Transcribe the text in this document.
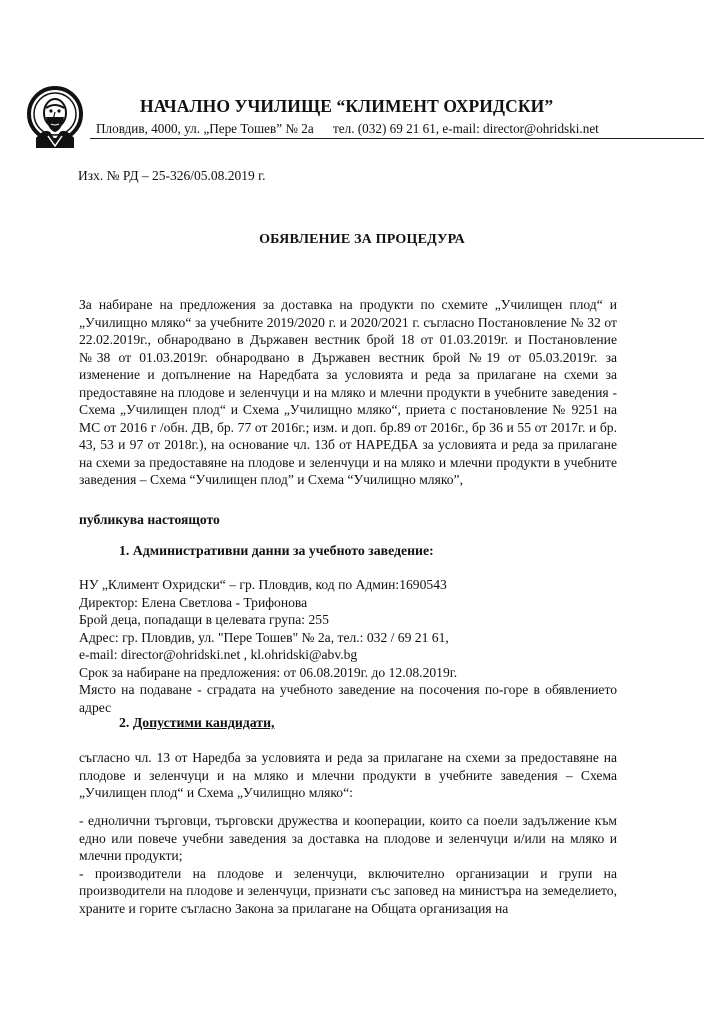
НАЧАЛНО УЧИЛИЩЕ “КЛИМЕНТ ОХРИДСКИ”
Пловдив, 4000, ул. „Пере Тошев” № 2а тел. (032) 69 21 61, e-mail: director@ohridski.net
Изх. № РД – 25-326/05.08.2019 г.
ОБЯВЛЕНИЕ ЗА ПРОЦЕДУРА
За набиране на предложения за доставка на продукти по схемите „Училищен плод“ и „Училищно мляко“ за учебните 2019/2020 г. и 2020/2021 г. съгласно Постановление № 32 от 22.02.2019г., обнародвано в Държавен вестник брой 18 от 01.03.2019г. и Постановление №38 от 01.03.2019г. обнародвано в Държавен вестник брой №19 от 05.03.2019г. за изменение и допълнение на Наредбата за условията и реда за прилагане на схеми за предоставяне на плодове и зеленчуци и на мляко и млечни продукти в учебните заведения - Схема „Училищен плод“ и Схема „Училищно мляко“, приета с постановление № 9251 на МС от 2016 г /обн. ДВ, бр. 77 от 2016г.; изм. и доп. бр.89 от 2016г., бр 36 и 55 от 2017г. и бр. 43, 53 и 97 от 2018г.), на основание чл. 13б от НАРЕДБА за условията и реда за прилагане на схеми за предоставяне на плодове и зеленчуци и на мляко и млечни продукти в учебните заведения – Схема “Училищен плод” и Схема “Училищно мляко”,
публикува настоящото
1. Административни данни за учебното заведение:
НУ „Климент Охридски“ – гр. Пловдив, код по Админ:1690543
Директор: Елена Светлова - Трифонова
Брой деца, попадащи в целевата група: 255
Адрес: гр. Пловдив, ул. "Пере Тошев" № 2а, тел.: 032 / 69 21 61,
e-mail: director@ohridski.net , kl.ohridski@abv.bg
Срок за набиране на предложения: от 06.08.2019г. до 12.08.2019г.
Място на подаване - сградата на учебното заведение на посочения по-горе в обявлението адрес
2. Допустими кандидати,
съгласно чл. 13 от Наредба за условията и реда за прилагане на схеми за предоставяне на плодове и зеленчуци и на мляко и млечни продукти в учебните заведения – Схема „Училищен плод“ и Схема „Училищно мляко“:

- еднолични търговци, търговски дружества и кооперации, които са поели задължение към едно или повече учебни заведения за доставка на плодове и зеленчуци и/или на мляко и млечни продукти;

- производители на плодове и зеленчуци, включително организации и групи на производители на плодове и зеленчуци, признати със заповед на министъра на земеделието, храните и горите съгласно Закона за прилагане на Общата организация на
